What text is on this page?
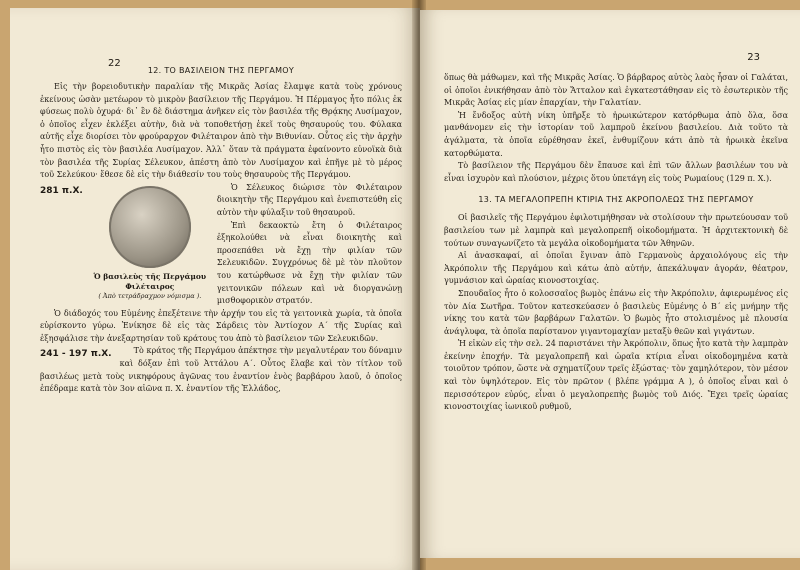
22
12. ΤΟ ΒΑΣΙΛΕΙΟΝ ΤΗΣ ΠΕΡΓΑΜΟΥ

Εἰς τὴν βορειοδυτικὴν παραλίαν τῆς Μικρᾶς Ἀσίας ἔλαμψε κατὰ τοὺς χρόνους ἐκείνους ὡσὰν μετέωρον τὸ μικρὸν βασίλειον τῆς Περγάμου. Ἡ Πέρμαγος ἦτο πόλις ἐκ φύσεως πολὺ ὀχυρά· δι᾽ ἓν δὲ διάστημα ἀνῆκεν εἰς τὸν βασιλέα τῆς Θρᾴκης Λυσίμαχον, ὁ ὁποῖος εἶχεν ἐκλέξει αὐτὴν, διὰ νὰ τοποθετήσῃ ἐκεῖ τοὺς θησαυρούς του. Φύλακα αὐτῆς εἶχε διορίσει τὸν φρούραρχον Φιλέταιρον ἀπὸ τὴν Βιθυνίαν. Οὗτος εἰς τὴν ἀρχὴν ἦτο πιστὸς εἰς τὸν βασιλέα Λυσίμαχον. Ἀλλ᾽ ὅταν τὰ πράγματα ἐφαίνοντο εὐνοϊκὰ διὰ τὸν βασιλέα τῆς Συρίας Σέλευκον, ἀπέστη ἀπὸ τὸν Λυσίμαχον καὶ ἐπῆγε μὲ τὸ μέρος τοῦ Σελεύκου· ἔθεσε δὲ εἰς τὴν διάθεσίν του τοὺς θησαυροὺς τῆς Περγάμου.

281 π.Χ.
Ὁ βασιλεὺς τῆς Περγάμου Φιλέταιρος
( Ἀπὸ τετράδραχμον νόμισμα ).

Ὁ Σέλευκος διώρισε τὸν Φιλέταιρον διοικητὴν τῆς Περγάμου καὶ ἐνεπιστεύθη εἰς αὐτὸν τὴν φύλαξιν τοῦ θησαυροῦ.

Ἐπὶ δεκαοκτὼ ἔτη ὁ Φιλέταιρος ἐξηκολούθει νὰ εἶναι διοικητὴς καὶ προσεπάθει νὰ ἔχῃ τὴν φιλίαν τῶν Σελευκιδῶν. Συγχρόνως δὲ μὲ τὸν πλοῦτον του κατώρθωσε νὰ ἔχῃ τὴν φιλίαν τῶν γειτονικῶν πόλεων καὶ νὰ διοργανώνῃ μισθοφορικὸν στρατόν.

Ὁ διάδοχός του Εὐμένης ἐπεξέτεινε τὴν ἀρχήν του εἰς τὰ γειτονικὰ χωρία, τὰ ὁποῖα εὑρίσκοντο γύρω. Ἐνίκησε δὲ εἰς τὰς Σάρδεις τὸν Ἀντίοχον Α΄ τῆς Συρίας καὶ ἐξησφάλισε τὴν ἀνεξαρτησίαν τοῦ κράτους του ἀπὸ τὸ βασίλειον τῶν Σελευκιδῶν.

241 - 197 π.Χ.	Τὸ κράτος τῆς Περγάμου ἀπέκτησε τὴν μεγαλυτέραν του δύναμιν καὶ δόξαν ἐπὶ τοῦ Ἀττάλου Α΄. Οὗτος ἔλαβε καὶ τὸν τίτλον τοῦ βασιλέως μετὰ τοὺς νικηφόρους ἀγῶνας του ἐναντίον ἑνὸς βαρβάρου λαοῦ, ὁ ὁποῖος ἐπέδραμε κατὰ τὸν 3ον αἰῶνα π. Χ. ἐναντίον τῆς Ἑλλάδος,

23

ὅπως θὰ μάθωμεν, καὶ τῆς Μικρᾶς Ἀσίας. Ὁ βάρβαρος αὐτὸς λαὸς ἦσαν οἱ Γαλάται, οἱ ὁποῖοι ἐνικήθησαν ἀπὸ τὸν Ἄτταλον καὶ ἐγκατεστάθησαν εἰς τὸ ἐσωτερικὸν τῆς Μικρᾶς Ἀσίας εἰς μίαν ἐπαρχίαν, τὴν Γαλατίαν.

Ἡ ἔνδοξος αὐτὴ νίκη ὑπῆρξε τὸ ἡρωικώτερον κατόρθωμα ἀπὸ ὅλα, ὅσα μανθάνομεν εἰς τὴν ἱστορίαν τοῦ λαμπροῦ ἐκείνου βασιλείου. Διὰ τοῦτο τὰ ἀγάλματα, τὰ ὁποῖα εὑρέθησαν ἐκεῖ, ἐνθυμίζουν κάτι ἀπὸ τὰ ἡρωικὰ ἐκεῖνα κατορθώματα.

Τὸ βασίλειον τῆς Περγάμου δὲν ἔπαυσε καὶ ἐπὶ τῶν ἄλλων βασιλέων του νὰ εἶναι ἰσχυρὸν καὶ πλούσιον, μέχρις ὅτου ὑπετάγη εἰς τοὺς Ρωμαίους (129 π. Χ.).

13. ΤΑ ΜΕΓΑΛΟΠΡΕΠΗ ΚΤΙΡΙΑ ΤΗΣ ΑΚΡΟΠΟΛΕΩΣ ΤΗΣ ΠΕΡΓΑΜΟΥ

Οἱ βασιλεῖς τῆς Περγάμου ἐφιλοτιμήθησαν νὰ στολίσουν τὴν πρωτεύουσαν τοῦ βασιλείου των μὲ λαμπρὰ καὶ μεγαλοπρεπῆ οἰκοδομήματα. Ἡ ἀρχιτεκτονικὴ δὲ τούτων συναγωνίζετο τὰ μεγάλα οἰκοδομήματα τῶν Ἀθηνῶν.

Αἱ ἀνασκαφαί, αἱ ὁποῖαι ἔγιναν ἀπὸ Γερμανοὺς ἀρχαιολόγους εἰς τὴν Ἀκρόπολιν τῆς Περγάμου καὶ κάτω ἀπὸ αὐτήν, ἀπεκάλυψαν ἀγοράν, θέατρον, γυμνάσιον καὶ ὡραίας κιονοστοιχίας.

Σπουδαῖος ἦτο ὁ κολοσσαῖος βωμὸς ἐπάνω εἰς τὴν Ἀκρόπολιν, ἀφιερωμένος εἰς τὸν Δία Σωτῆρα. Τοῦτον κατεσκεύασεν ὁ βασιλεὺς Εὐμένης ὁ Β΄ εἰς μνήμην τῆς νίκης του κατὰ τῶν βαρβάρων Γαλατῶν. Ὁ βωμὸς ἦτο στολισμένος μὲ πλουσία ἀνάγλυφα, τὰ ὁποῖα παρίστανον γιγαντομαχίαν μεταξὺ θεῶν καὶ γιγάντων.

Ἡ εἰκὼν εἰς τὴν σελ. 24 παριστάνει τὴν Ἀκρόπολιν, ὅπως ἦτο κατὰ τὴν λαμπρὰν ἐκείνην ἐποχήν. Τὰ μεγαλοπρεπῆ καὶ ὡραῖα κτίρια εἶναι οἰκοδομημένα κατὰ τοιοῦτον τρόπον, ὥστε νὰ σχηματίζουν τρεῖς ἐξώστας· τὸν χαμηλότερον, τὸν μέσον καὶ τὸν ὑψηλότερον. Εἰς τὸν πρῶτον ( βλέπε γράμμα Α ), ὁ ὁποῖος εἶναι καὶ ὁ περισσότερον εὐρύς, εἶναι ὁ μεγαλοπρεπὴς βωμὸς τοῦ Διός. Ἔχει τρεῖς ὡραίας κιονοστοιχίας ἰωνικοῦ ρυθμοῦ,
